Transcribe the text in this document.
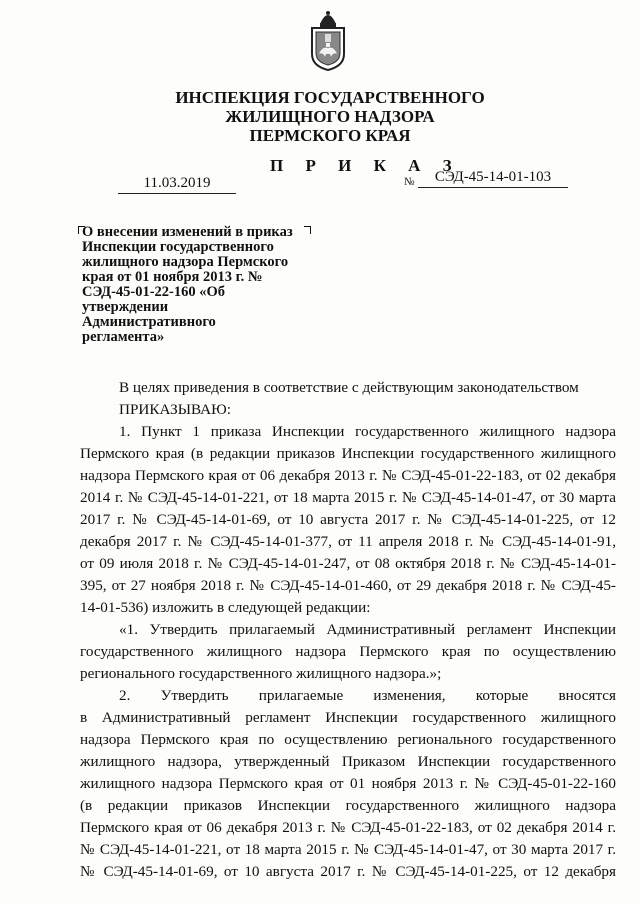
ИНСПЕКЦИЯ ГОСУДАРСТВЕННОГО
ЖИЛИЩНОГО НАДЗОРА
ПЕРМСКОГО КРАЯ
П Р И К А З
11.03.2019	№	СЭД-45-14-01-103
О внесении изменений в приказ
Инспекции государственного
жилищного надзора Пермского
края от 01 ноября 2013 г. №
СЭД-45-01-22-160 «Об
утверждении
Административного
регламента»
В целях приведения в соответствие с действующим законодательством
ПРИКАЗЫВАЮ:
1. Пункт 1 приказа Инспекции государственного жилищного надзора
Пермского края (в редакции приказов Инспекции государственного жилищного
надзора Пермского края от 06 декабря 2013 г. № СЭД-45-01-22-183, от 02 декабря
2014 г. № СЭД-45-14-01-221, от 18 марта 2015 г. № СЭД-45-14-01-47, от 30 марта
2017 г. № СЭД-45-14-01-69, от 10 августа 2017 г. № СЭД-45-14-01-225, от 12
декабря 2017 г. № СЭД-45-14-01-377, от 11 апреля 2018 г. № СЭД-45-14-01-91,
от 09 июля 2018 г. № СЭД-45-14-01-247, от 08 октября 2018 г. № СЭД-45-14-01-
395, от 27 ноября 2018 г. № СЭД-45-14-01-460, от 29 декабря 2018 г. № СЭД-45-
14-01-536) изложить в следующей редакции:
«1. Утвердить прилагаемый Административный регламент Инспекции
государственного жилищного надзора Пермского края по осуществлению
регионального государственного жилищного надзора.»;
2. Утвердить прилагаемые изменения, которые вносятся
в Административный регламент Инспекции государственного жилищного
надзора Пермского края по осуществлению регионального государственного
жилищного надзора, утвержденный Приказом Инспекции государственного
жилищного надзора Пермского края от 01 ноября 2013 г. № СЭД-45-01-22-160
(в редакции приказов Инспекции государственного жилищного надзора
Пермского края от 06 декабря 2013 г. № СЭД-45-01-22-183, от 02 декабря 2014 г.
№ СЭД-45-14-01-221, от 18 марта 2015 г. № СЭД-45-14-01-47, от 30 марта 2017 г.
№ СЭД-45-14-01-69, от 10 августа 2017 г. № СЭД-45-14-01-225, от 12 декабря
